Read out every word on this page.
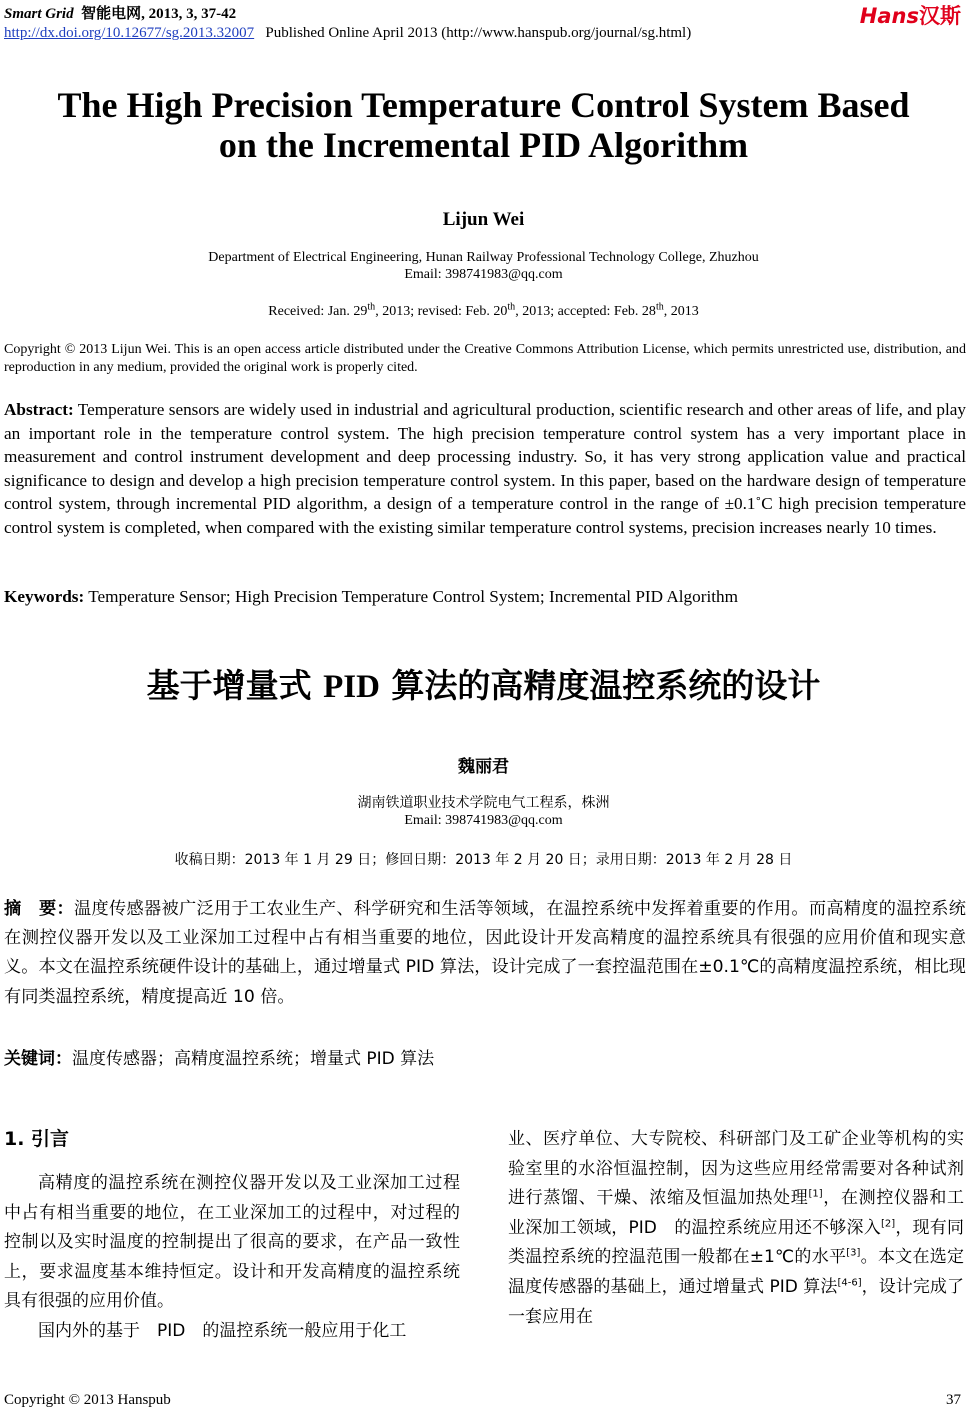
Smart Grid 智能电网, 2013, 3, 37-42
http://dx.doi.org/10.12677/sg.2013.32007 Published Online April 2013 (http://www.hanspub.org/journal/sg.html)
Hans汉斯
The High Precision Temperature Control System Based
on the Incremental PID Algorithm
Lijun Wei
Department of Electrical Engineering, Hunan Railway Professional Technology College, Zhuzhou
Email: 398741983@qq.com
Received: Jan. 29th, 2013; revised: Feb. 20th, 2013; accepted: Feb. 28th, 2013
Copyright © 2013 Lijun Wei. This is an open access article distributed under the Creative Commons Attribution License, which permits unrestricted use, distribution, and reproduction in any medium, provided the original work is properly cited.
Abstract: Temperature sensors are widely used in industrial and agricultural production, scientific research and other areas of life, and play an important role in the temperature control system. The high precision temperature control system has a very important place in measurement and control instrument development and deep processing industry. So, it has very strong application value and practical significance to design and develop a high precision temperature control system. In this paper, based on the hardware design of temperature control system, through incremental PID algorithm, a design of a temperature control in the range of ±0.1˚C high precision temperature control system is completed, when compared with the existing similar temperature control systems, precision increases nearly 10 times.
Keywords: Temperature Sensor; High Precision Temperature Control System; Incremental PID Algorithm
基于增量式 PID 算法的高精度温控系统的设计
魏丽君
湖南铁道职业技术学院电气工程系，株洲
Email: 398741983@qq.com
收稿日期：2013 年 1 月 29 日；修回日期：2013 年 2 月 20 日；录用日期：2013 年 2 月 28 日
摘　要：温度传感器被广泛用于工农业生产、科学研究和生活等领域，在温控系统中发挥着重要的作用。而高精度的温控系统在测控仪器开发以及工业深加工过程中占有相当重要的地位，因此设计开发高精度的温控系统具有很强的应用价值和现实意义。本文在温控系统硬件设计的基础上，通过增量式 PID 算法，设计完成了一套控温范围在±0.1℃的高精度温控系统，相比现有同类温控系统，精度提高近 10 倍。
关键词：温度传感器；高精度温控系统；增量式 PID 算法
1. 引言

高精度的温控系统在测控仪器开发以及工业深加工过程中占有相当重要的地位，在工业深加工的过程中，对过程的控制以及实时温度的控制提出了很高的要求，在产品一致性上，要求温度基本维持恒定。设计和开发高精度的温控系统具有很强的应用价值。

国内外的基于　PID　的温控系统一般应用于化工

业、医疗单位、大专院校、科研部门及工矿企业等机构的实验室里的水浴恒温控制，因为这些应用经常需要对各种试剂进行蒸馏、干燥、浓缩及恒温加热处理[1]，在测控仪器和工业深加工领域，PID　的温控系统应用还不够深入[2]，现有同类温控系统的控温范围一般都在±1℃的水平[3]。本文在选定温度传感器的基础上，通过增量式 PID 算法[4-6]，设计完成了一套应用在

Copyright © 2013 Hanspub	37
